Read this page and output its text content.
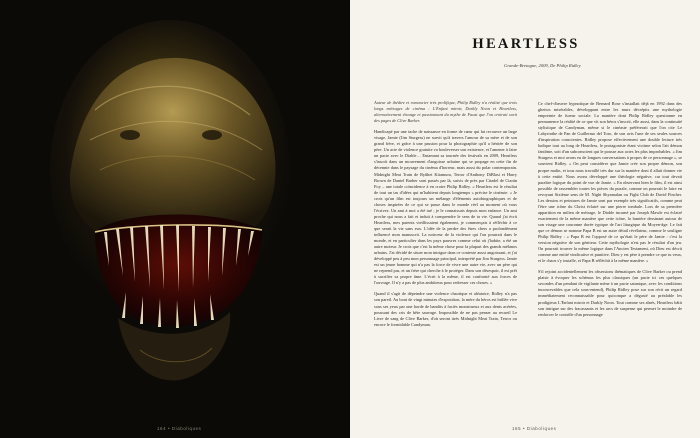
164 • Diaboliques
HEARTLESS
Grande-Bretagne, 2009, De Philip Ridley

Auteur de théâtre et romancier très prolifique, Philip Ridley n'a réalisé que trois longs métrages de cinéma : L'Enfant miroir, Darkly Noon et Heartless, alternativement étrange et passionnant du mythe de Faust que l'on croirait sorti des pages de Clive Barker.

Handicapé par une tache de naissance en forme de cœur qui lui recouvre un large visage, Jamie (Jim Sturgess) ne survit qu'à travers l'amour de sa mère et de son grand frère, et grâce à une passion pour la photographie qu'il a héritée de son père. Un acte de violence gratuite va bouleverser son existence, et l'amener à faire un pacte avec le Diable… Entamant sa tournée des festivals en 2009, Heartless s'inscrit dans un mouvement d'angoisse urbaine qui se propage en cette fin de décennie dans le paysage du cinéma d'horreur, mais aussi du polar contemporain. Midnight Meat Train de Ryûhei Kitamura, Terror d'Anthony DiBlasi et Harry Brown de Daniel Barber sont passés par là, suivis de près par Citadel de Ciarán Foy – une totale coïncidence à en croire Philip Ridley. « Heartless est le résultat de tout un tas d'idées qui m'habitent depuis longtemps » précise le cinéaste. « Je crois qu'un film est toujours un mélange d'éléments autobiographiques et de choses inspirées de ce qui se passe dans le monde réel au moment où vous l'écrivez. Un ami à moi a été tué ; je le connaissais depuis mon enfance. Un ami proche qui nous a fait et induit à comprendre le sens de ta vie. Quand j'ai écrit Heartless, mes parents vieillissaient également, je commençais à réfléchir à ce que serait la vie sans eux. L'idée de la perdre des êtres chers a profondément influencé mon manuscrit. La noirceur de la violence qui l'on pourrait dans le monde, et en particulier dans les pays pauvres comme celui où j'habite, a été un autre moteur. Je crois que c'est la même chose pour la plupart des grands mélanos urbains. J'ai décidé de situer mon intrigue dans ce contexte aussi angoissant, et j'ai développé peu à peu mon personnage principal, interprété par Jim Sturgess. Jamie est un jeune homme qui n'a pas la force de vivre une autre vie, avec un père qui ne reprend pas, et un frère qui cherche à le protéger. Dans son désespoir, il est prêt à sacrifier sa propre âme. L'écrit à la même, il est confronté aux forces de l'ouvrage. Il n'y a pas de plus ambitieux pour redresser ces choses. »

Quand il s'agit de dépeindre une violence chaotique et aléatoire, Ridley n'a pas son pareil. Au bout de vingt minutes d'exposition, la mère du héros est brûlée vive sous ses yeux par une horde de bandits à faciès monstrueux et aux dents acérées, poussant des cris de bête sauvage. Impossible de ne pas penser au recueil Le Livre de sang de Clive Barker, d'où seront tirés Midnight Meat Train, Terror ou encore le formidable Candyman.

Ce chef-d'œuvre hypnotique de Bernard Rose s'installait déjà en 1992 dans des ghettos misérables, développant entre les murs décrépits une mythologie empreinte de fureur sociale. La manière dont Philip Ridley questionne en permanence la réalité de ce que vit son héros s'inscrit, elle aussi, dans la continuité stylistique de Candyman, même si le cinéaste préférerait que l'on cite Le Labyrinthe de Pan de Guillermo del Toro, de son avis l'une de ses seules sources d'inspiration conscientes. Ridley propose effectivement une double lecture très ludique tout au long de Heartless, le protagoniste étant victime selon l'ait démon fantôme, soit d'un subconscient qui le pousse aux actes les plus improbables. « Jim Sturgess et moi avons eu de longues conversations à propos de ce personnage », se souvient Ridley. « On peut considérer que Jamie crée son propre démon, son propre malin, et tous nous travaillé très dur sur la manière dont il allait donner vie à cette entité. Nous avons développé une théologie négative, car tout devait paraître logique du point de vue de Jamie. » En observant bien le film, il est ainsi possible de rassembler toutes les pièces du puzzle, comme on pourrait le faire en revoyant Sixième sens de M. Night Shyamalan ou Fight Club de David Fincher. Les dessins et peintures de Jamie sont par exemple très significatifs, comme peut l'être une icône du Christ éclairé sur une pierre tombale. Lors de sa première apparition en milieu de métrage, le Diable incarné par Joseph Mawle est éclairé exactement de la même manière que cette icône, la lumière dessinant autour de son visage une couronne dorée typique de l'art liturgique du Moyen-âge. Le fait que ce démon se nomme Papa B est un autre détail révélateur, comme le souligne Philip Ridley : « Papa B est l'opposé de ce qu'était le père de Jamie : c'est la version négative de son géniteur. Cette mythologie n'est pas le résultat d'un jeu. On pourrait trouver la même logique dans l'Ancien Testament, où Dieu est décrit comme une entité vindicative et punitive. Dieu y est père à prendre ce que tu veux, et le chaos s'y installe, et Papa B réfléchit à la même manière. »

S'il rejoint accidentellement les obsessions thématiques de Clive Barker ou prend plaisir à évoquer les schémas les plus classiques (un pacte ici ces quelques secondes d'un pendant de vigilante mène à un pacte satanique, avec les conditions inconcevables que cela sous-entend), Philip Ridley pose sur son récit un regard immédiatement reconnaissable pour quiconque a dégusté au préalable les prodigieux L'Enfant miroir et Darkly Noon. Tout comme ses aînés, Heartless bâtit son intrigue sur des fracassants et les arcs de suspense qui permet le moindre de renforcer le contrôle d'un personnage

165 • Diaboliques
